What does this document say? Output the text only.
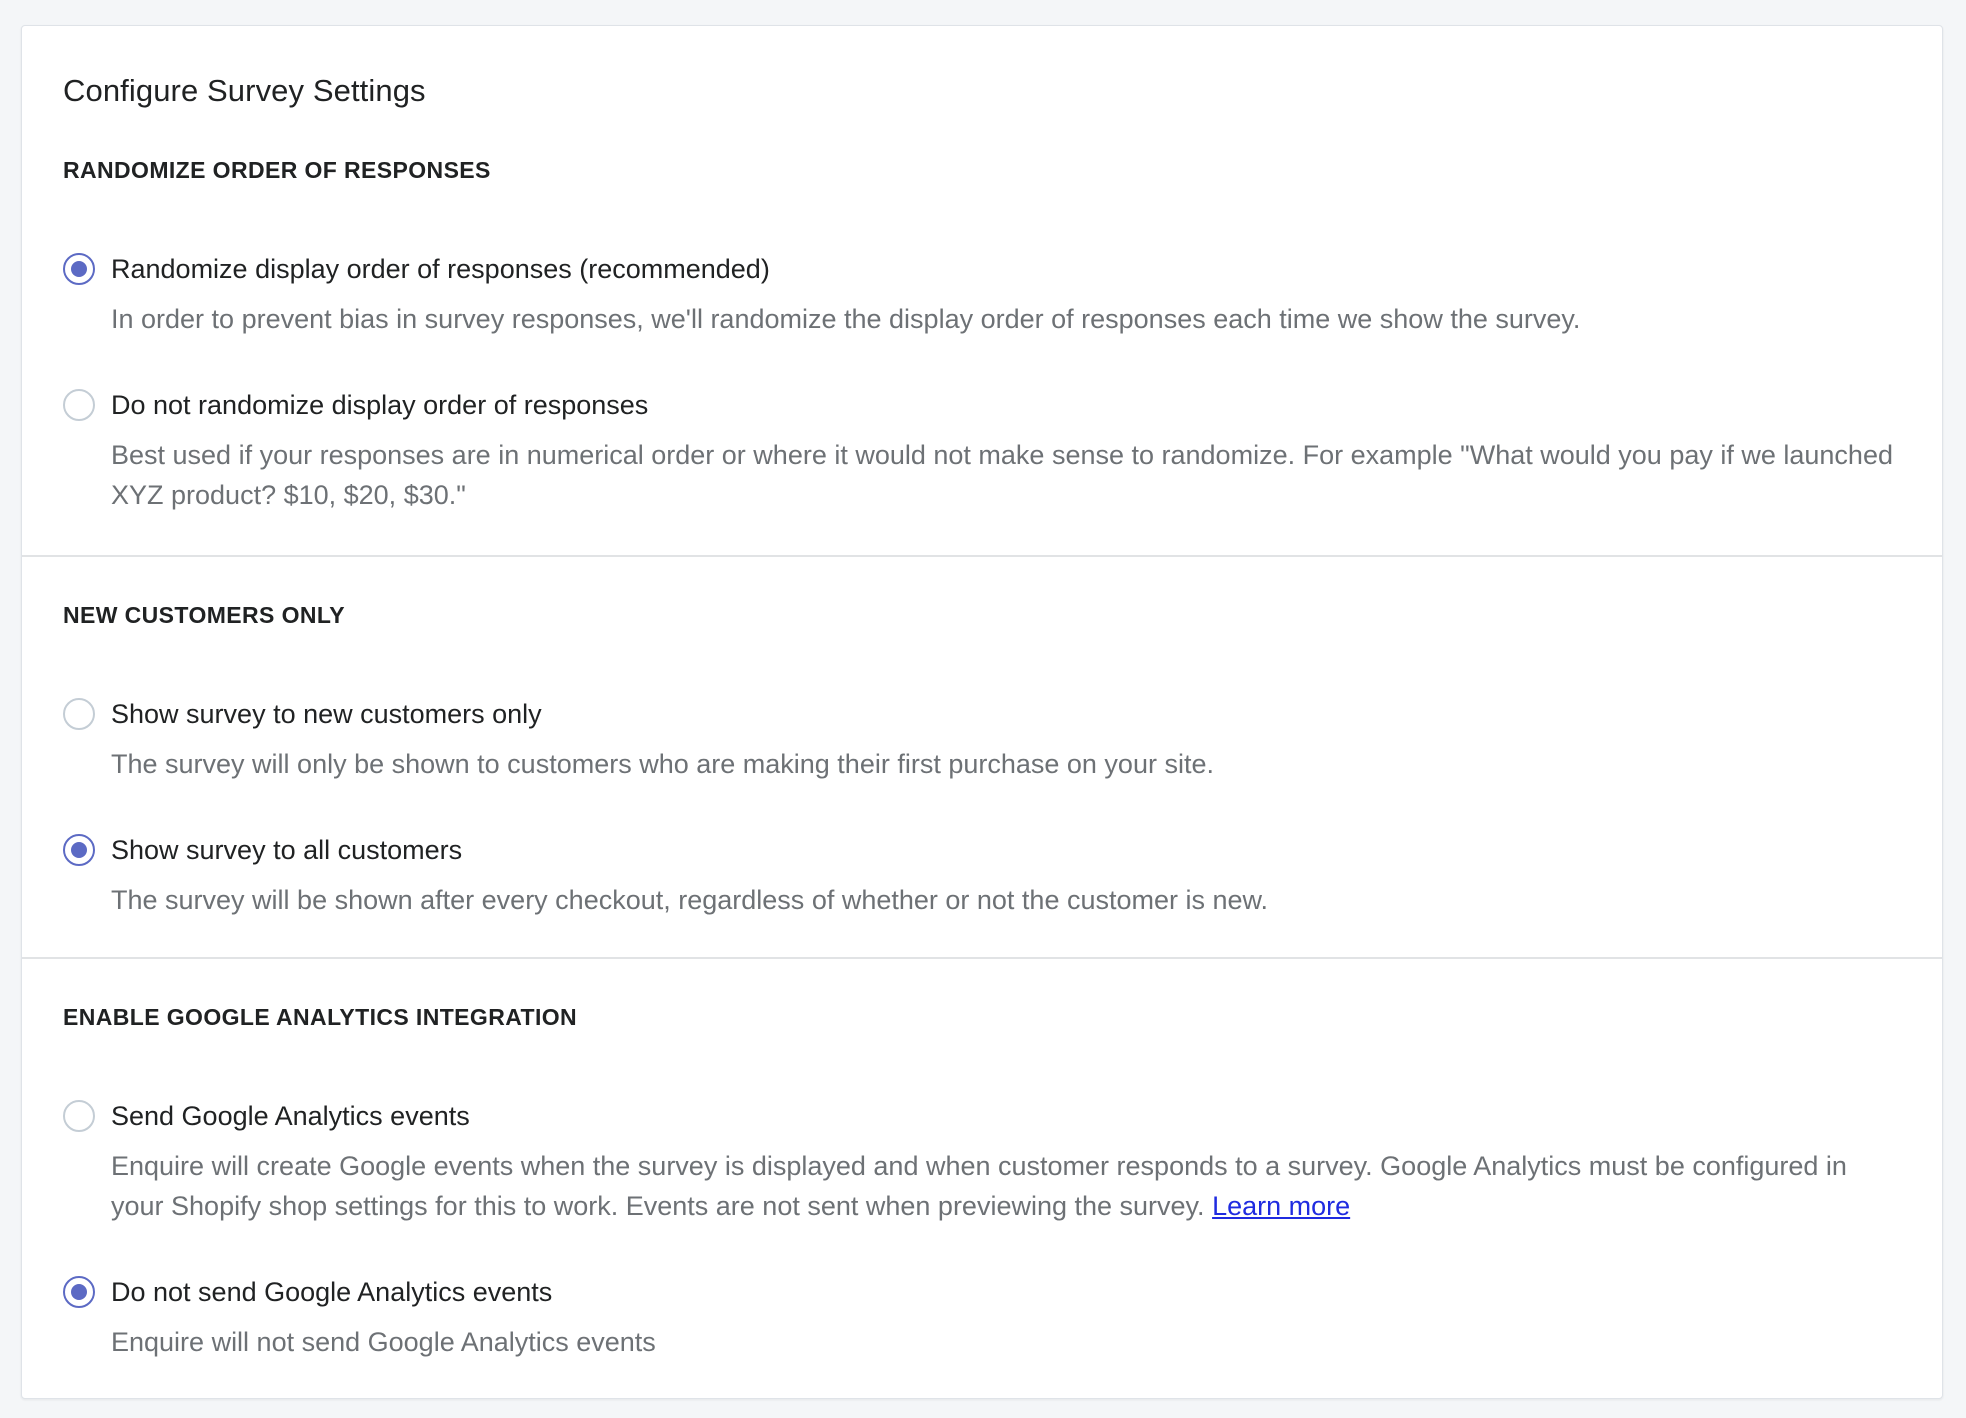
Configure Survey Settings
RANDOMIZE ORDER OF RESPONSES
Randomize display order of responses (recommended)
In order to prevent bias in survey responses, we'll randomize the display order of responses each time we show the survey.
Do not randomize display order of responses
Best used if your responses are in numerical order or where it would not make sense to randomize. For example "What would you pay if we launched XYZ product? $10, $20, $30."
NEW CUSTOMERS ONLY
Show survey to new customers only
The survey will only be shown to customers who are making their first purchase on your site.
Show survey to all customers
The survey will be shown after every checkout, regardless of whether or not the customer is new.
ENABLE GOOGLE ANALYTICS INTEGRATION
Send Google Analytics events
Enquire will create Google events when the survey is displayed and when customer responds to a survey. Google Analytics must be configured in your Shopify shop settings for this to work. Events are not sent when previewing the survey. Learn more
Do not send Google Analytics events
Enquire will not send Google Analytics events
